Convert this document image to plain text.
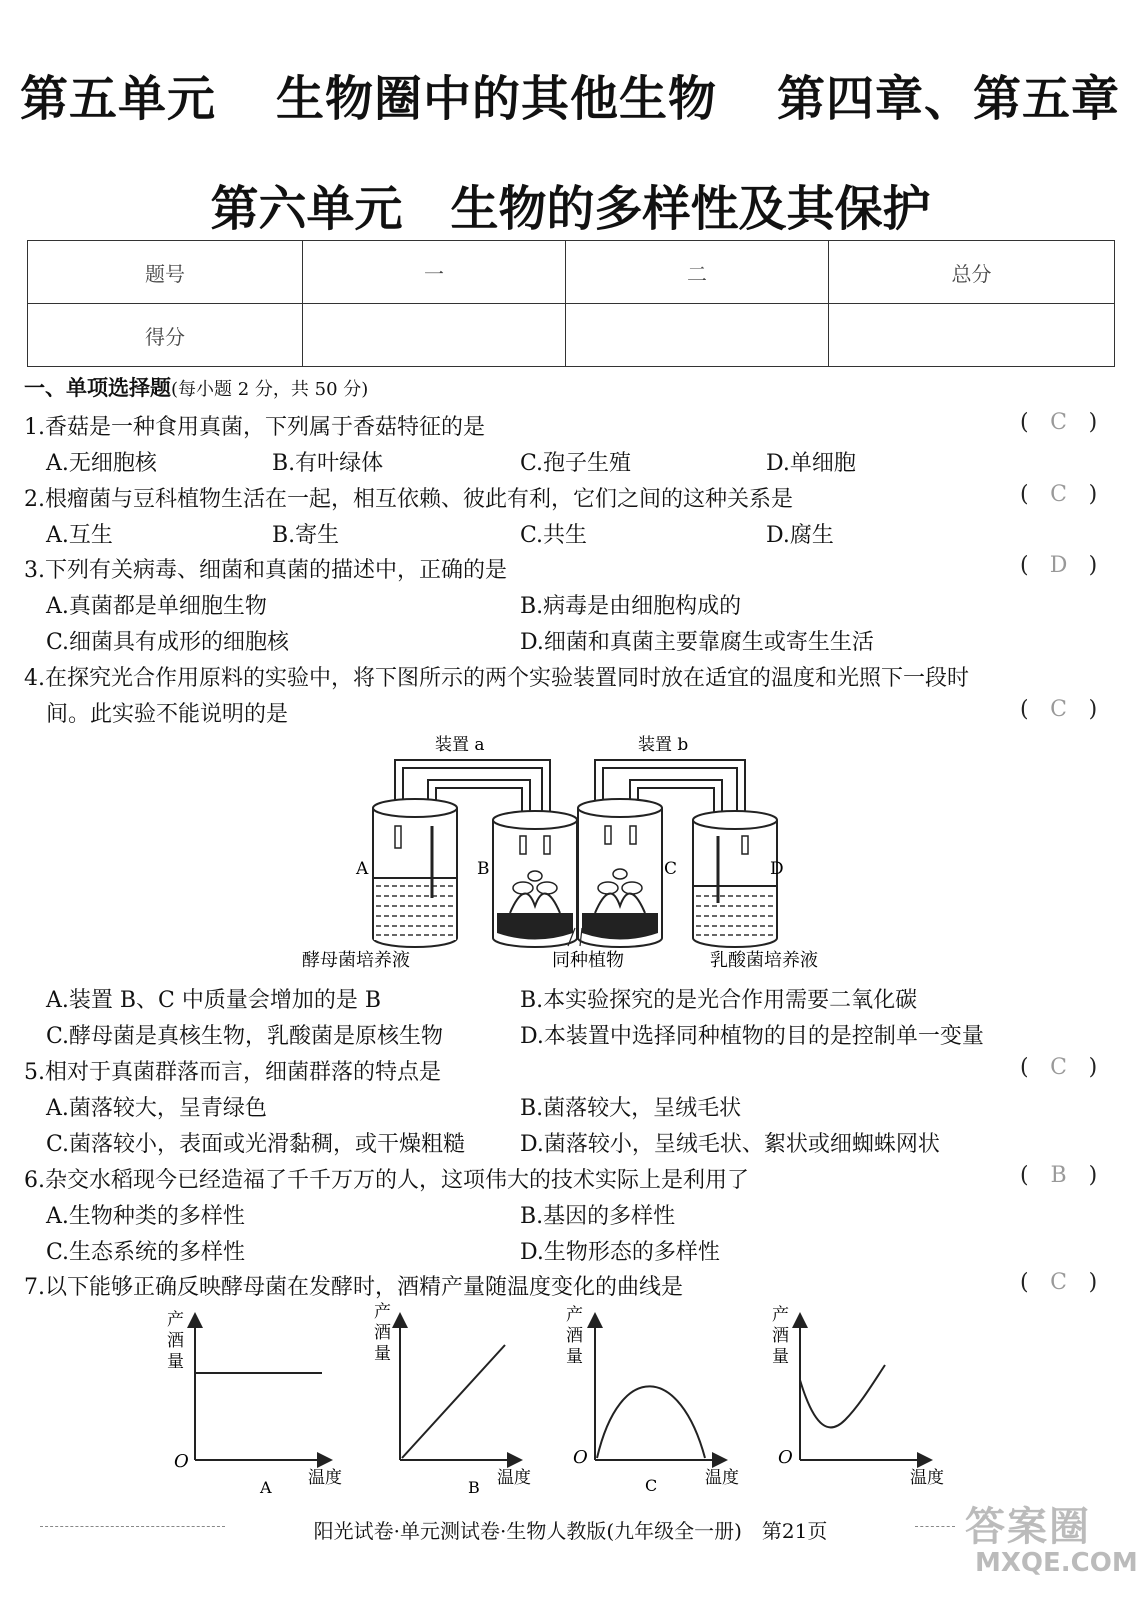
第五单元 生物圈中的其他生物 第四章、第五章
第六单元　生物的多样性及其保护
题号	一	二	总分
得分			
一、单项选择题(每小题 2 分，共 50 分)
1.香菇是一种食用真菌，下列属于香菇特征的是	( C )
A.无细胞核	B.有叶绿体	C.孢子生殖	D.单细胞
2.根瘤菌与豆科植物生活在一起，相互依赖、彼此有利，它们之间的这种关系是	( C )
A.互生	B.寄生	C.共生	D.腐生
3.下列有关病毒、细菌和真菌的描述中，正确的是	( D )
A.真菌都是单细胞生物	B.病毒是由细胞构成的
C.细菌具有成形的细胞核	D.细菌和真菌主要靠腐生或寄生生活
4.在探究光合作用原料的实验中，将下图所示的两个实验装置同时放在适宜的温度和光照下一段时
间。此实验不能说明的是	( C )
装置 a	装置 b
A	B	C	D
酵母菌培养液	同种植物	乳酸菌培养液
A.装置 B、C 中质量会增加的是 B	B.本实验探究的是光合作用需要二氧化碳
C.酵母菌是真核生物，乳酸菌是原核生物	D.本装置中选择同种植物的目的是控制单一变量
5.相对于真菌群落而言，细菌群落的特点是	( C )
A.菌落较大，呈青绿色	B.菌落较大，呈绒毛状
C.菌落较小，表面或光滑黏稠，或干燥粗糙 D.菌落较小，呈绒毛状、絮状或细蜘蛛网状
6.杂交水稻现今已经造福了千千万万的人，这项伟大的技术实际上是利用了	( B )
A.生物种类的多样性	B.基因的多样性
C.生态系统的多样性	D.生物形态的多样性
7.以下能够正确反映酵母菌在发酵时，酒精产量随温度变化的曲线是	( C )
产
酒
量
O
温度
A
产
酒
量
温度
B
产
酒
量
O
温度
C
产
酒
量
O
温度
阳光试卷·单元测试卷·生物人教版(九年级全一册)　第21页	答案圈
MXQE.COM
